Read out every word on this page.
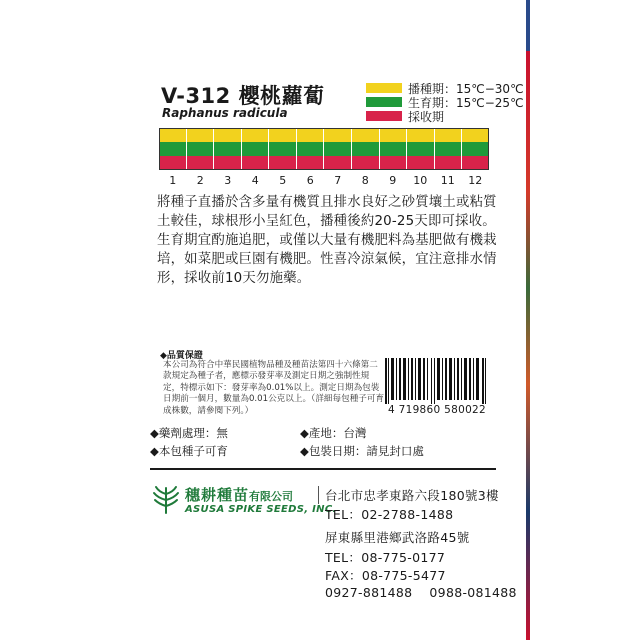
V-312 櫻桃蘿蔔
Raphanus radicula
播種期：15℃−30℃
生育期：15℃−25℃
採收期
1	2	3	4	5	6	7	8	9	10	11	12
將種子直播於含多量有機質且排水良好之砂質壤土或粘質土較佳，球根形小呈紅色，播種後約20-25天即可採收。生育期宜酌施追肥，或僅以大量有機肥料為基肥做有機栽培，如菜肥或巨園有機肥。性喜冷涼氣候，宜注意排水情形，採收前10天勿施藥。
◆品質保證
本公司為符合中華民國植物品種及種苗法第四十六條第二款規定為種子者，應標示發芽率及測定日期之強制性規定，特標示如下：發芽率為0.01%以上。測定日期為包裝日期前一個月，數量為0.01公克以上。（詳細每包種子可育成株數，請參閱下列。）	4 719860 580022
◆藥劑處理：無	◆產地：台灣
◆本包種子可育	◆包裝日期：請見封口處
穗耕種苗有限公司
ASUSA SPIKE SEEDS, INC.
台北市忠孝東路六段180號3樓
TEL：02-2788-1488
屏東縣里港鄉武洛路45號
TEL：08-775-0177
FAX：08-775-5477
0927-881488    0988-081488
